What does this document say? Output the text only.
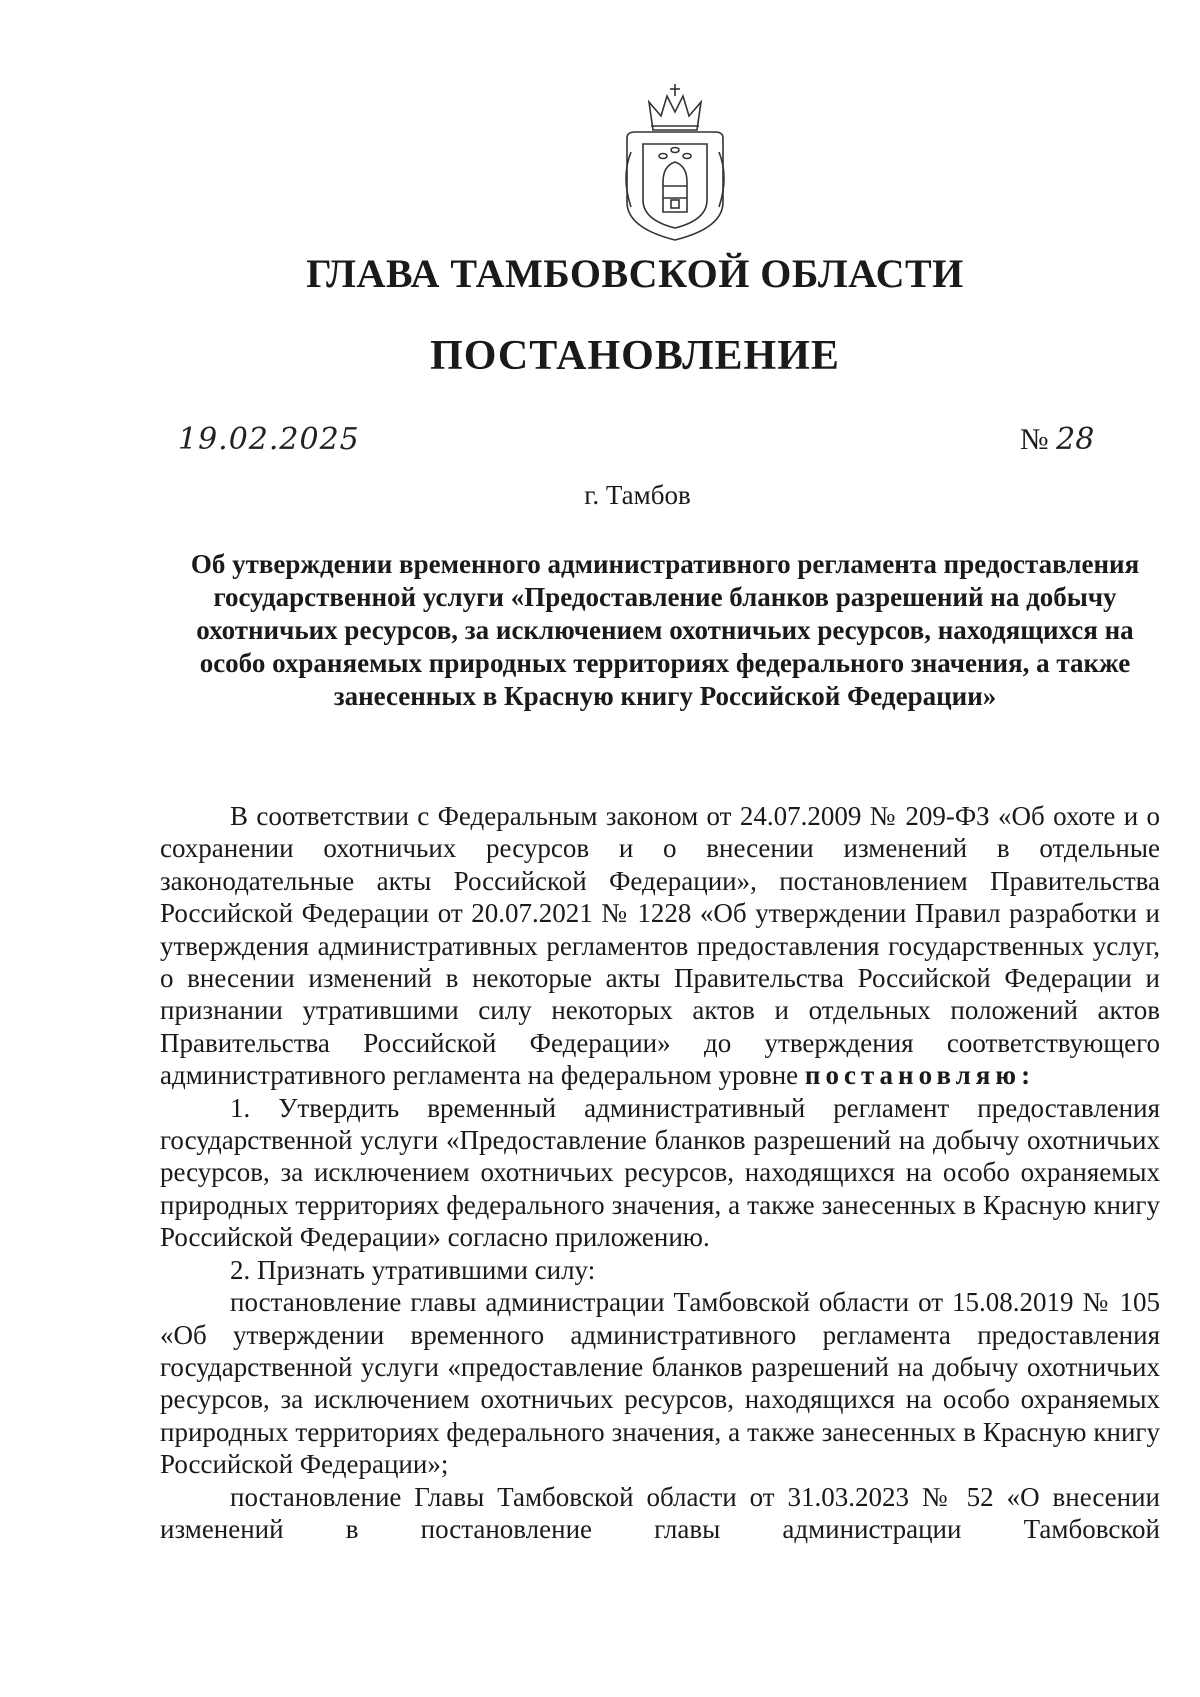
ГЛАВА ТАМБОВСКОЙ ОБЛАСТИ
ПОСТАНОВЛЕНИЕ
19.02.2025	№ 28
г. Тамбов
Об утверждении временного административного регламента предоставления государственной услуги «Предоставление бланков разрешений на добычу охотничьих ресурсов, за исключением охотничьих ресурсов, находящихся на особо охраняемых природных территориях федерального значения, а также занесенных в Красную книгу Российской Федерации»

В соответствии с Федеральным законом от 24.07.2009 № 209-ФЗ «Об охоте и о сохранении охотничьих ресурсов и о внесении изменений в отдельные законодательные акты Российской Федерации», постановлением Правительства Российской Федерации от 20.07.2021 № 1228 «Об утверждении Правил разработки и утверждения административных регламентов предоставления государственных услуг, о внесении изменений в некоторые акты Правительства Российской Федерации и признании утратившими силу некоторых актов и отдельных положений актов Правительства Российской Федерации» до утверждения соответствующего административного регламента на федеральном уровне постановляю:

1. Утвердить временный административный регламент предоставления государственной услуги «Предоставление бланков разрешений на добычу охотничьих ресурсов, за исключением охотничьих ресурсов, находящихся на особо охраняемых природных территориях федерального значения, а также занесенных в Красную книгу Российской Федерации» согласно приложению.

2. Признать утратившими силу:

постановление главы администрации Тамбовской области от 15.08.2019 № 105 «Об утверждении временного административного регламента предоставления государственной услуги «предоставление бланков разрешений на добычу охотничьих ресурсов, за исключением охотничьих ресурсов, находящихся на особо охраняемых природных территориях федерального значения, а также занесенных в Красную книгу Российской Федерации»;

постановление Главы Тамбовской области от 31.03.2023 № 52 «О внесении изменений в постановление главы администрации Тамбовской
